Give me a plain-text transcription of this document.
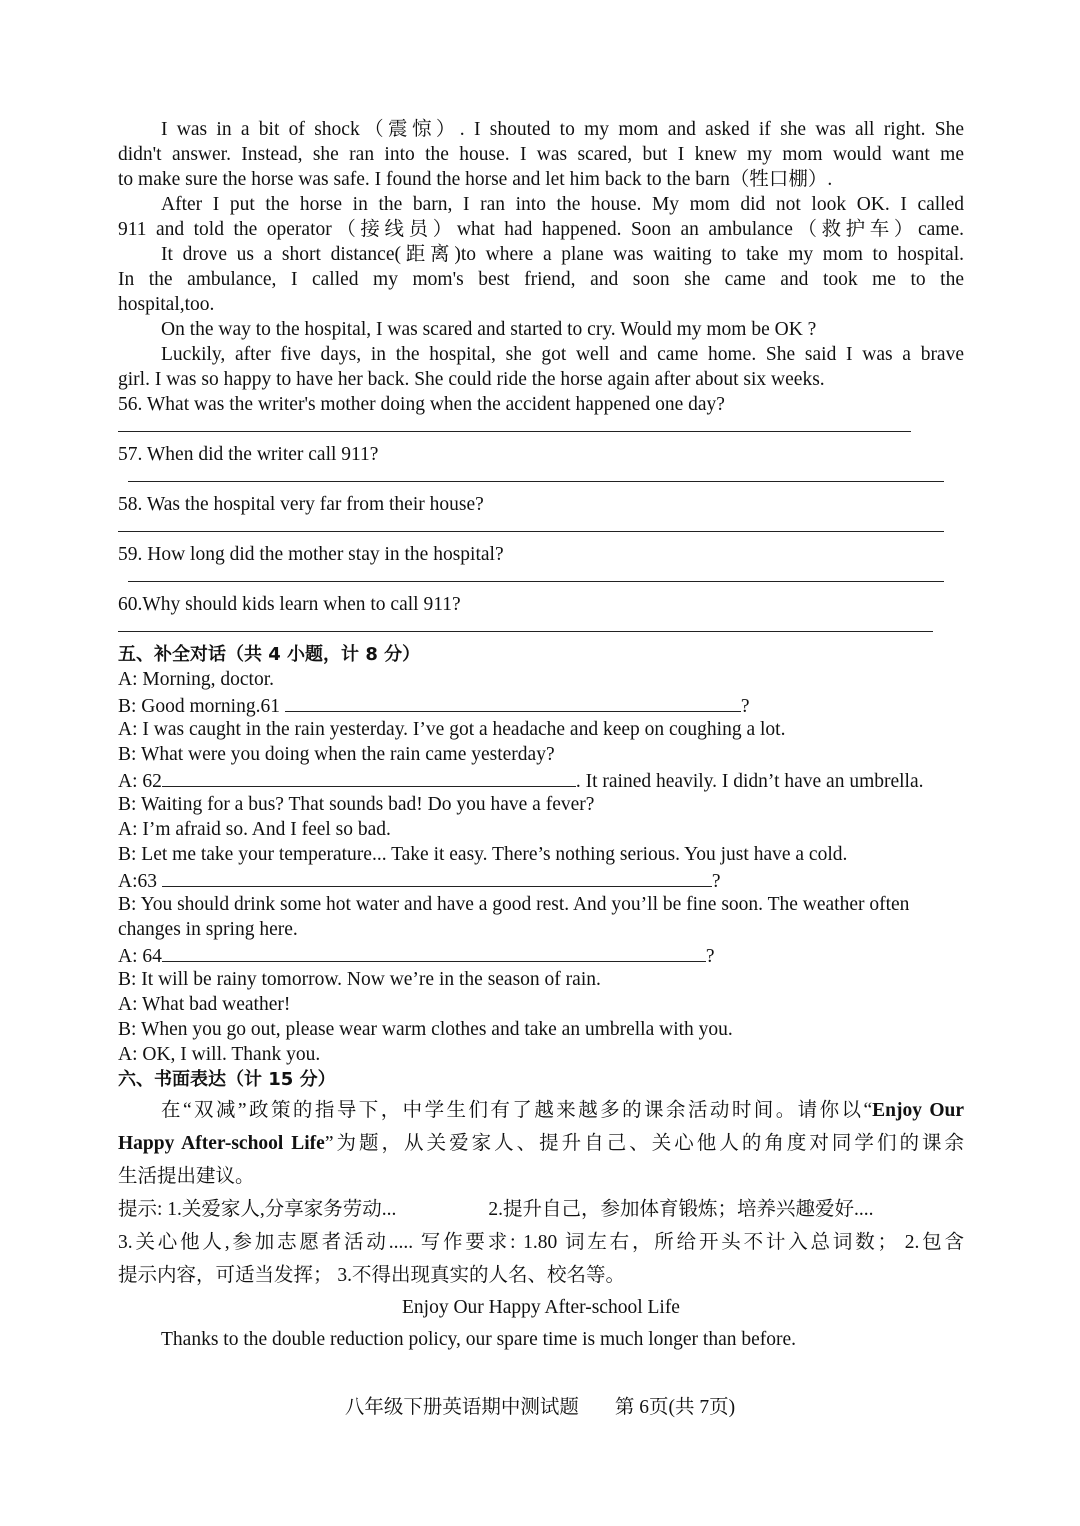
I was in a bit of shock（震惊）. I shouted to my mom and asked if she was all right. She
didn't answer. Instead, she ran into the house. I was scared, but I knew my mom would want me
to make sure the horse was safe. I found the horse and let him back to the barn（牲口棚）.
After I put the horse in the barn, I ran into the house. My mom did not look OK. I called
911 and told the operator（接线员）what had happened. Soon an ambulance（救护车）came.
It drove us a short distance(距离)to where a plane was waiting to take my mom to hospital.
In the ambulance, I called my mom's best friend, and soon she came and took me to the
hospital,too.
On the way to the hospital, I was scared and started to cry. Would my mom be OK ?
Luckily, after five days, in the hospital, she got well and came home. She said I was a brave
girl. I was so happy to have her back. She could ride the horse again after about six weeks.
56. What was the writer's mother doing when the accident happened one day?
57. When did the writer call 911?
58. Was the hospital very far from their house?
59. How long did the mother stay in the hospital?
60.Why should kids learn when to call 911?
五、补全对话（共 4 小题，计 8 分）
A: Morning, doctor.
B: Good morning.61	?
A: I was caught in the rain yesterday. I’ve got a headache and keep on coughing a lot.
B: What were you doing when the rain came yesterday?
A: 62	. It rained heavily. I didn’t have an umbrella.
B: Waiting for a bus? That sounds bad! Do you have a fever?
A: I’m afraid so. And I feel so bad.
B: Let me take your temperature... Take it easy. There’s nothing serious. You just have a cold.
A:63	?
B: You should drink some hot water and have a good rest. And you’ll be fine soon. The weather often
changes in spring here.
A: 64	?
B: It will be rainy tomorrow. Now we’re in the season of rain.
A: What bad weather!
B: When you go out, please wear warm clothes and take an umbrella with you.
A: OK, I will. Thank you.
六、书面表达（计 15 分）
在“双减”政策的指导下，中学生们有了越来越多的课余活动时间。请你以“Enjoy Our
Happy After-school Life”为题，从关爱家人、提升自己、关心他人的角度对同学们的课余
生活提出建议。
提示: 1.关爱家人,分享家务劳动...	2.提升自己，参加体育锻炼；培养兴趣爱好....
3.关心他人,参加志愿者活动..... 写作要求: 1.80 词左右，所给开头不计入总词数； 2.包含
提示内容，可适当发挥； 3.不得出现真实的人名、校名等。
Enjoy Our Happy After-school Life
Thanks to the double reduction policy, our spare time is much longer than before.
八年级下册英语期中测试题 第 6页(共 7页)
